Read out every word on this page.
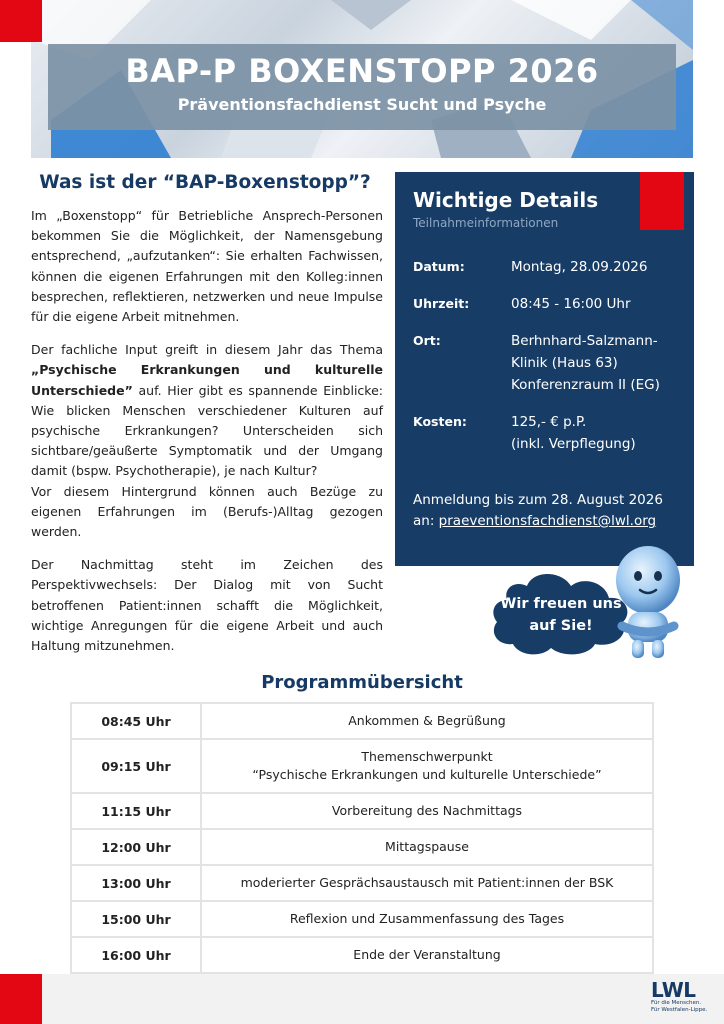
BAP-P BOXENSTOPP 2026
Präventionsfachdienst Sucht und Psyche
Was ist der “BAP-Boxenstopp”?

Im „Boxenstopp“ für Betriebliche Ansprech-Personen bekommen Sie die Möglichkeit, der Namensgebung entsprechend, „aufzutanken“: Sie erhalten Fachwissen, können die eigenen Erfahrungen mit den Kolleg:innen besprechen, reflektieren, netzwerken und neue Impulse für die eigene Arbeit mitnehmen.

Der fachliche Input greift in diesem Jahr das Thema „Psychische Erkrankungen und kulturelle Unterschiede” auf. Hier gibt es spannende Einblicke: Wie blicken Menschen verschiedener Kulturen auf psychische Erkrankungen? Unterscheiden sich sichtbare/geäußerte Symptomatik und der Umgang damit (bspw. Psychotherapie), je nach Kultur?
Vor diesem Hintergrund können auch Bezüge zu eigenen Erfahrungen im (Berufs-)Alltag gezogen werden.

Der Nachmittag steht im Zeichen des Perspektivwechsels: Der Dialog mit von Sucht betroffenen Patient:innen schafft die Möglichkeit, wichtige Anregungen für die eigene Arbeit und auch Haltung mitzunehmen.

Wichtige Details
Teilnahmeinformationen
Datum:	Montag, 28.09.2026
Uhrzeit:	08:45 - 16:00 Uhr
Ort:	Berhnhard-Salzmann-
Klinik (Haus 63)
Konferenzraum II (EG)
Kosten:	125,- € p.P.
(inkl. Verpflegung)
Anmeldung bis zum 28. August 2026
an: praeventionsfachdienst@lwl.org
Wir freuen uns
auf Sie!
Programmübersicht
08:45 Uhr	Ankommen & Begrüßung
09:15 Uhr	Themenschwerpunkt
“Psychische Erkrankungen und kulturelle Unterschiede”
11:15 Uhr	Vorbereitung des Nachmittags
12:00 Uhr	Mittagspause
13:00 Uhr	moderierter Gesprächsaustausch mit Patient:innen der BSK
15:00 Uhr	Reflexion und Zusammenfassung des Tages
16:00 Uhr	Ende der Veranstaltung
LWL
Für die Menschen.
Für Westfalen-Lippe.
